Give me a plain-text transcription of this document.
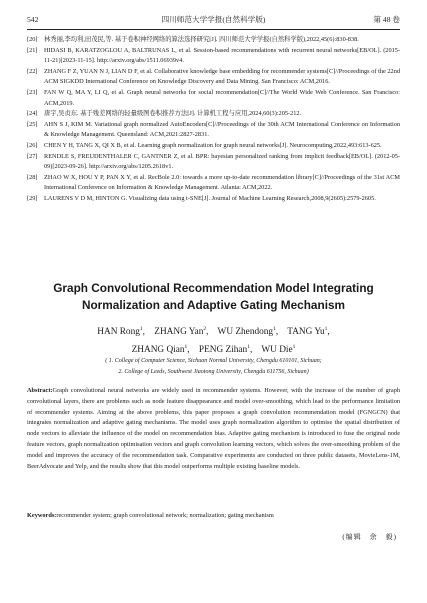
542	四川师范大学学报(自然科学版)	第 48 卷
[20] 林秀丽,李均利,田茂民,等. 基于卷积神经网络的算法选择研究[J]. 四川师范大学学报(自然科学版),2022,45(6):830-838.
[21] HIDASI B, KARATZOGLOU A, BALTRUNAS L, et al. Session-based recommendations with recurrent neural networks[EB/OL]. (2015-11-21)[2023-11-15]. http://arxiv.org/abs/1511.06939v4.
[22] ZHANG F Z, YUAN N J, LIAN D F, et al. Collaborative knowledge base embedding for recommender systems[C]//Proceedings of the 22nd ACM SIGKDD International Conference on Knowledge Discovery and Data Mining. San Francisco: ACM,2016.
[23] FAN W Q, MA Y, LI Q, et al. Graph neural networks for social recommendation[C]//The World Wide Web Conference. San Francisco: ACM,2019.
[24] 唐宇,吴贞东. 基于残差网络的轻量级图卷积推荐方法[J]. 计算机工程与应用,2024,60(3):205-212.
[25] AHN S J, KIM M. Variational graph normalized AutoEncoders[C]//Proceedings of the 30th ACM International Conference on Information & Knowledge Management. Queensland: ACM,2021:2827-2831.
[26] CHEN Y H, TANG X, QI X B, et al. Learning graph normalization for graph neural networks[J]. Neurocomputing,2022,493:613-625.
[27] RENDLE S, FREUDENTHALER C, GANTNER Z, et al. BPR: bayesian personalized ranking from implicit feedback[EB/OL]. (2012-05-09)[2023-09-26]. http://arxiv.org/abs/1205.2618v1.
[28] ZHAO W X, HOU Y P, PAN X Y, et al. RecBole 2.0: towards a more up-to-date recommendation library[C]//Proceedings of the 31st ACM International Conference on Information & Knowledge Management. Atlanta: ACM,2022.
[29] LAURENS V D M, HINTON G. Visualizing data using t-SNE[J]. Journal of Machine Learning Research,2008,9(2605):2579-2605.
Graph Convolutional Recommendation Model Integrating
Normalization and Adaptive Gating Mechanism
HAN Rong$^1$,    ZHANG Yan$^2$,    WU Zhendong$^1$,    TANG Yu$^1$,
ZHANG Qian$^1$,    PENG Zihan$^1$,    WU Die$^1$
( 1. College of Computer Science, Sichuan Normal University, Chengdu 610101, Sichuan;
2. College of Leeds, Southwest Jiaotong University, Chengdu 611756, Sichuan)
Abstract:Graph convolutional neural networks are widely used in recommender systems. However, with the increase of the number of graph convolutional layers, there are problems such as node feature disappearance and model over-smoothing, which lead to the performance limitation of recommender systems. Aiming at the above problems, this paper proposes a graph convolution recommendation model (FGNGCN) that integrates normalization and adaptive gating mechanisms. The model uses graph normalization algorithm to optimise the spatial distribution of node vectors to alleviate the influence of the model on recommendation bias. Adaptive gating mechanism is introduced to fuse the original node feature vectors, graph normalization optimisation vectors and graph convolution learning vectors, which solves the over-smoothing problem of the model and improves the accuracy of the recommendation task. Comparative experiments are conducted on three public datasets, MovieLens-1M, BeerAdvocate and Yelp, and the results show that this model outperforms multiple existing baseline models.
Keywords:recommender system; graph convolutional network; normalization; gating mechanism
(编辑　余　毅)
